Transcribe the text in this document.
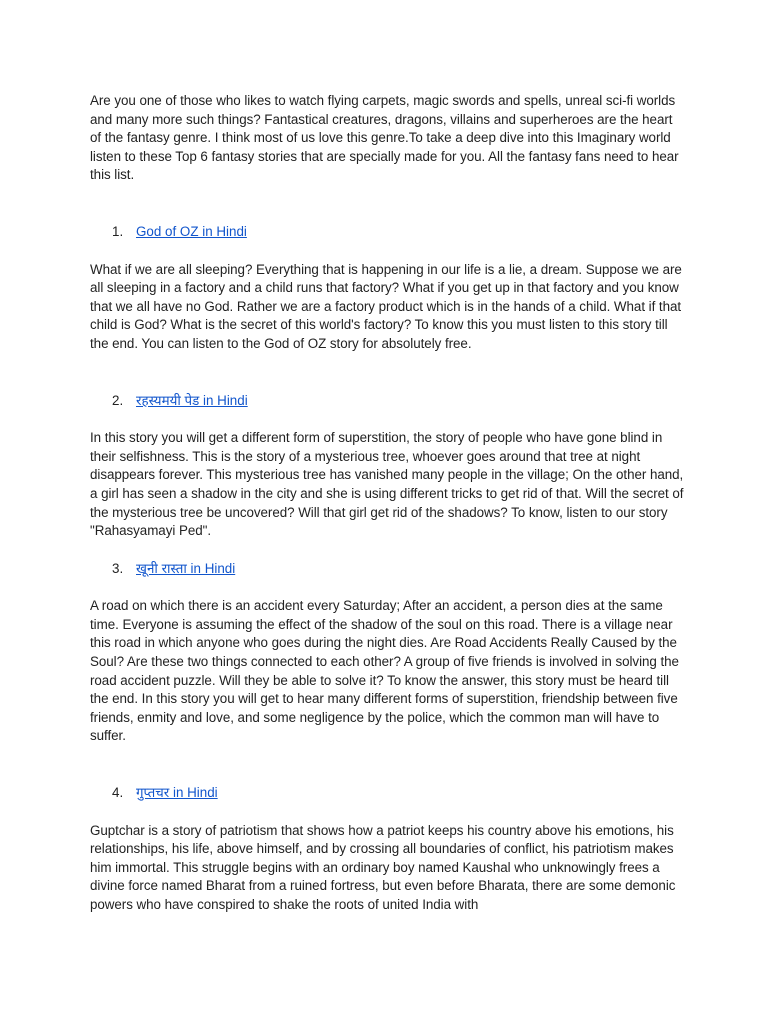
Are you one of those who likes to watch flying carpets, magic swords and spells, unreal sci-fi worlds and many more such things? Fantastical creatures, dragons, villains and superheroes are the heart of the fantasy genre. I think most of us love this genre.To take a deep dive into this Imaginary world listen to these Top 6 fantasy stories that are specially made for you. All the fantasy fans need to hear this list.

1. God of OZ in Hindi

What if we are all sleeping? Everything that is happening in our life is a lie, a dream. Suppose we are all sleeping in a factory and a child runs that factory? What if you get up in that factory and you know that we all have no God. Rather we are a factory product which is in the hands of a child. What if that child is God? What is the secret of this world's factory? To know this you must listen to this story till the end. You can listen to the God of OZ story for absolutely free.

2. रहस्यमयी पेड in Hindi

In this story you will get a different form of superstition, the story of people who have gone blind in their selfishness. This is the story of a mysterious tree, whoever goes around that tree at night disappears forever. This mysterious tree has vanished many people in the village; On the other hand, a girl has seen a shadow in the city and she is using different tricks to get rid of that. Will the secret of the mysterious tree be uncovered? Will that girl get rid of the shadows? To know, listen to our story "Rahasyamayi Ped".

3. खूनी रास्ता in Hindi

A road on which there is an accident every Saturday; After an accident, a person dies at the same time. Everyone is assuming the effect of the shadow of the soul on this road. There is a village near this road in which anyone who goes during the night dies. Are Road Accidents Really Caused by the Soul? Are these two things connected to each other? A group of five friends is involved in solving the road accident puzzle. Will they be able to solve it? To know the answer, this story must be heard till the end. In this story you will get to hear many different forms of superstition, friendship between five friends, enmity and love, and some negligence by the police, which the common man will have to suffer.

4. गुप्तचर in Hindi

Guptchar is a story of patriotism that shows how a patriot keeps his country above his emotions, his relationships, his life, above himself, and by crossing all boundaries of conflict, his patriotism makes him immortal. This struggle begins with an ordinary boy named Kaushal who unknowingly frees a divine force named Bharat from a ruined fortress, but even before Bharata, there are some demonic powers who have conspired to shake the roots of united India with
